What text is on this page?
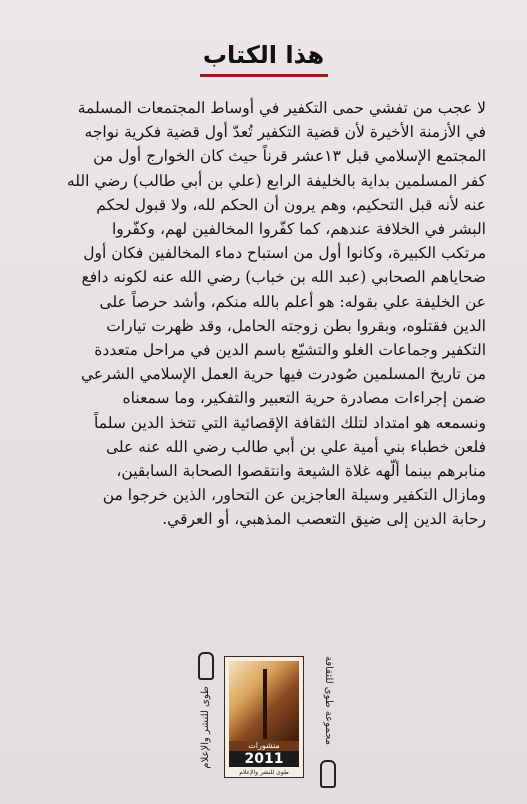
هذا الكتاب
لا عجب من تفشي حمى التكفير في أوساط المجتمعات المسلمة
في الأزمنة الأخيرة لأن قضية التكفير تُعدّ أول قضية فكرية نواجه
المجتمع الإسلامي قبل ١٣عشر قرناً حيث كان الخوارج أول من
كفر المسلمين بداية بالخليفة الرابع (علي بن أبي طالب) رضي الله
عنه لأنه قبل التحكيم، وهم يرون أن الحكم لله، ولا قبول لحكم
البشر في الخلافة عندهم، كما كفّروا المخالفين لهم، وكفّروا
مرتكب الكبيرة، وكانوا أول من استباح دماء المخالفين فكان أول
ضحاياهم الصحابي (عبد الله بن خباب) رضي الله عنه لكونه دافع
عن الخليفة علي بقوله: هو أعلم بالله منكم، وأشد حرصاً على
الدين فقتلوه، وبقروا بطن زوجته الحامل، وقد ظهرت تيارات
التكفير وجماعات الغلو والتشيّع باسم الدين في مراحل متعددة
من تاريخ المسلمين صُودرت فيها حرية العمل الإسلامي الشرعي
ضمن إجراءات مصادرة حرية التعبير والتفكير، وما سمعناه
ونسمعه هو امتداد لتلك الثقافة الإقصائية التي تتخذ الدين سلماً
فلعن خطباء بني أمية علي بن أبي طالب رضي الله عنه على
منابرهم بينما ألّهه غلاة الشيعة وانتقصوا الصحابة السابقين،
ومازال التكفير وسيلة العاجزين عن التحاور، الذين خرجوا من
رحابة الدين إلى ضيق التعصب المذهبي، أو العرقي.
طوى للنشر والإعلام	منشورات
2011
طوى للنشر والإعلام
مجموعة طوى للثقافة
